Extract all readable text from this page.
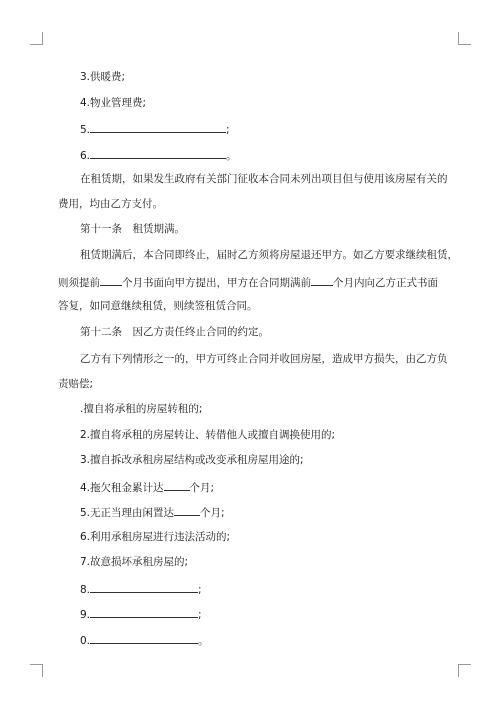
3.供暖费;

4.物业管理费;

5.	;

6.	。

在租赁期，如果发生政府有关部门征收本合同未列出项目但与使用该房屋有关的

费用，均由乙方支付。

第十一条　租赁期满。

租赁期满后，本合同即终止，届时乙方须将房屋退还甲方。如乙方要求继续租赁，

则须提前 个月书面向甲方提出，甲方在合同期满前 个月内向乙方正式书面

答复，如同意继续租赁，则续签租赁合同。

第十二条　因乙方责任终止合同的约定。

乙方有下列情形之一的，甲方可终止合同并收回房屋，造成甲方损失，由乙方负

责赔偿;

.擅自将承租的房屋转租的;

2.擅自将承租的房屋转让、转借他人或擅自调换使用的;

3.擅自拆改承租房屋结构或改变承租房屋用途的;

4.拖欠租金累计达 个月;

5.无正当理由闲置达 个月;

6.利用承租房屋进行违法活动的;

7.故意损坏承租房屋的;

8.	;

9.	;

0.	。
